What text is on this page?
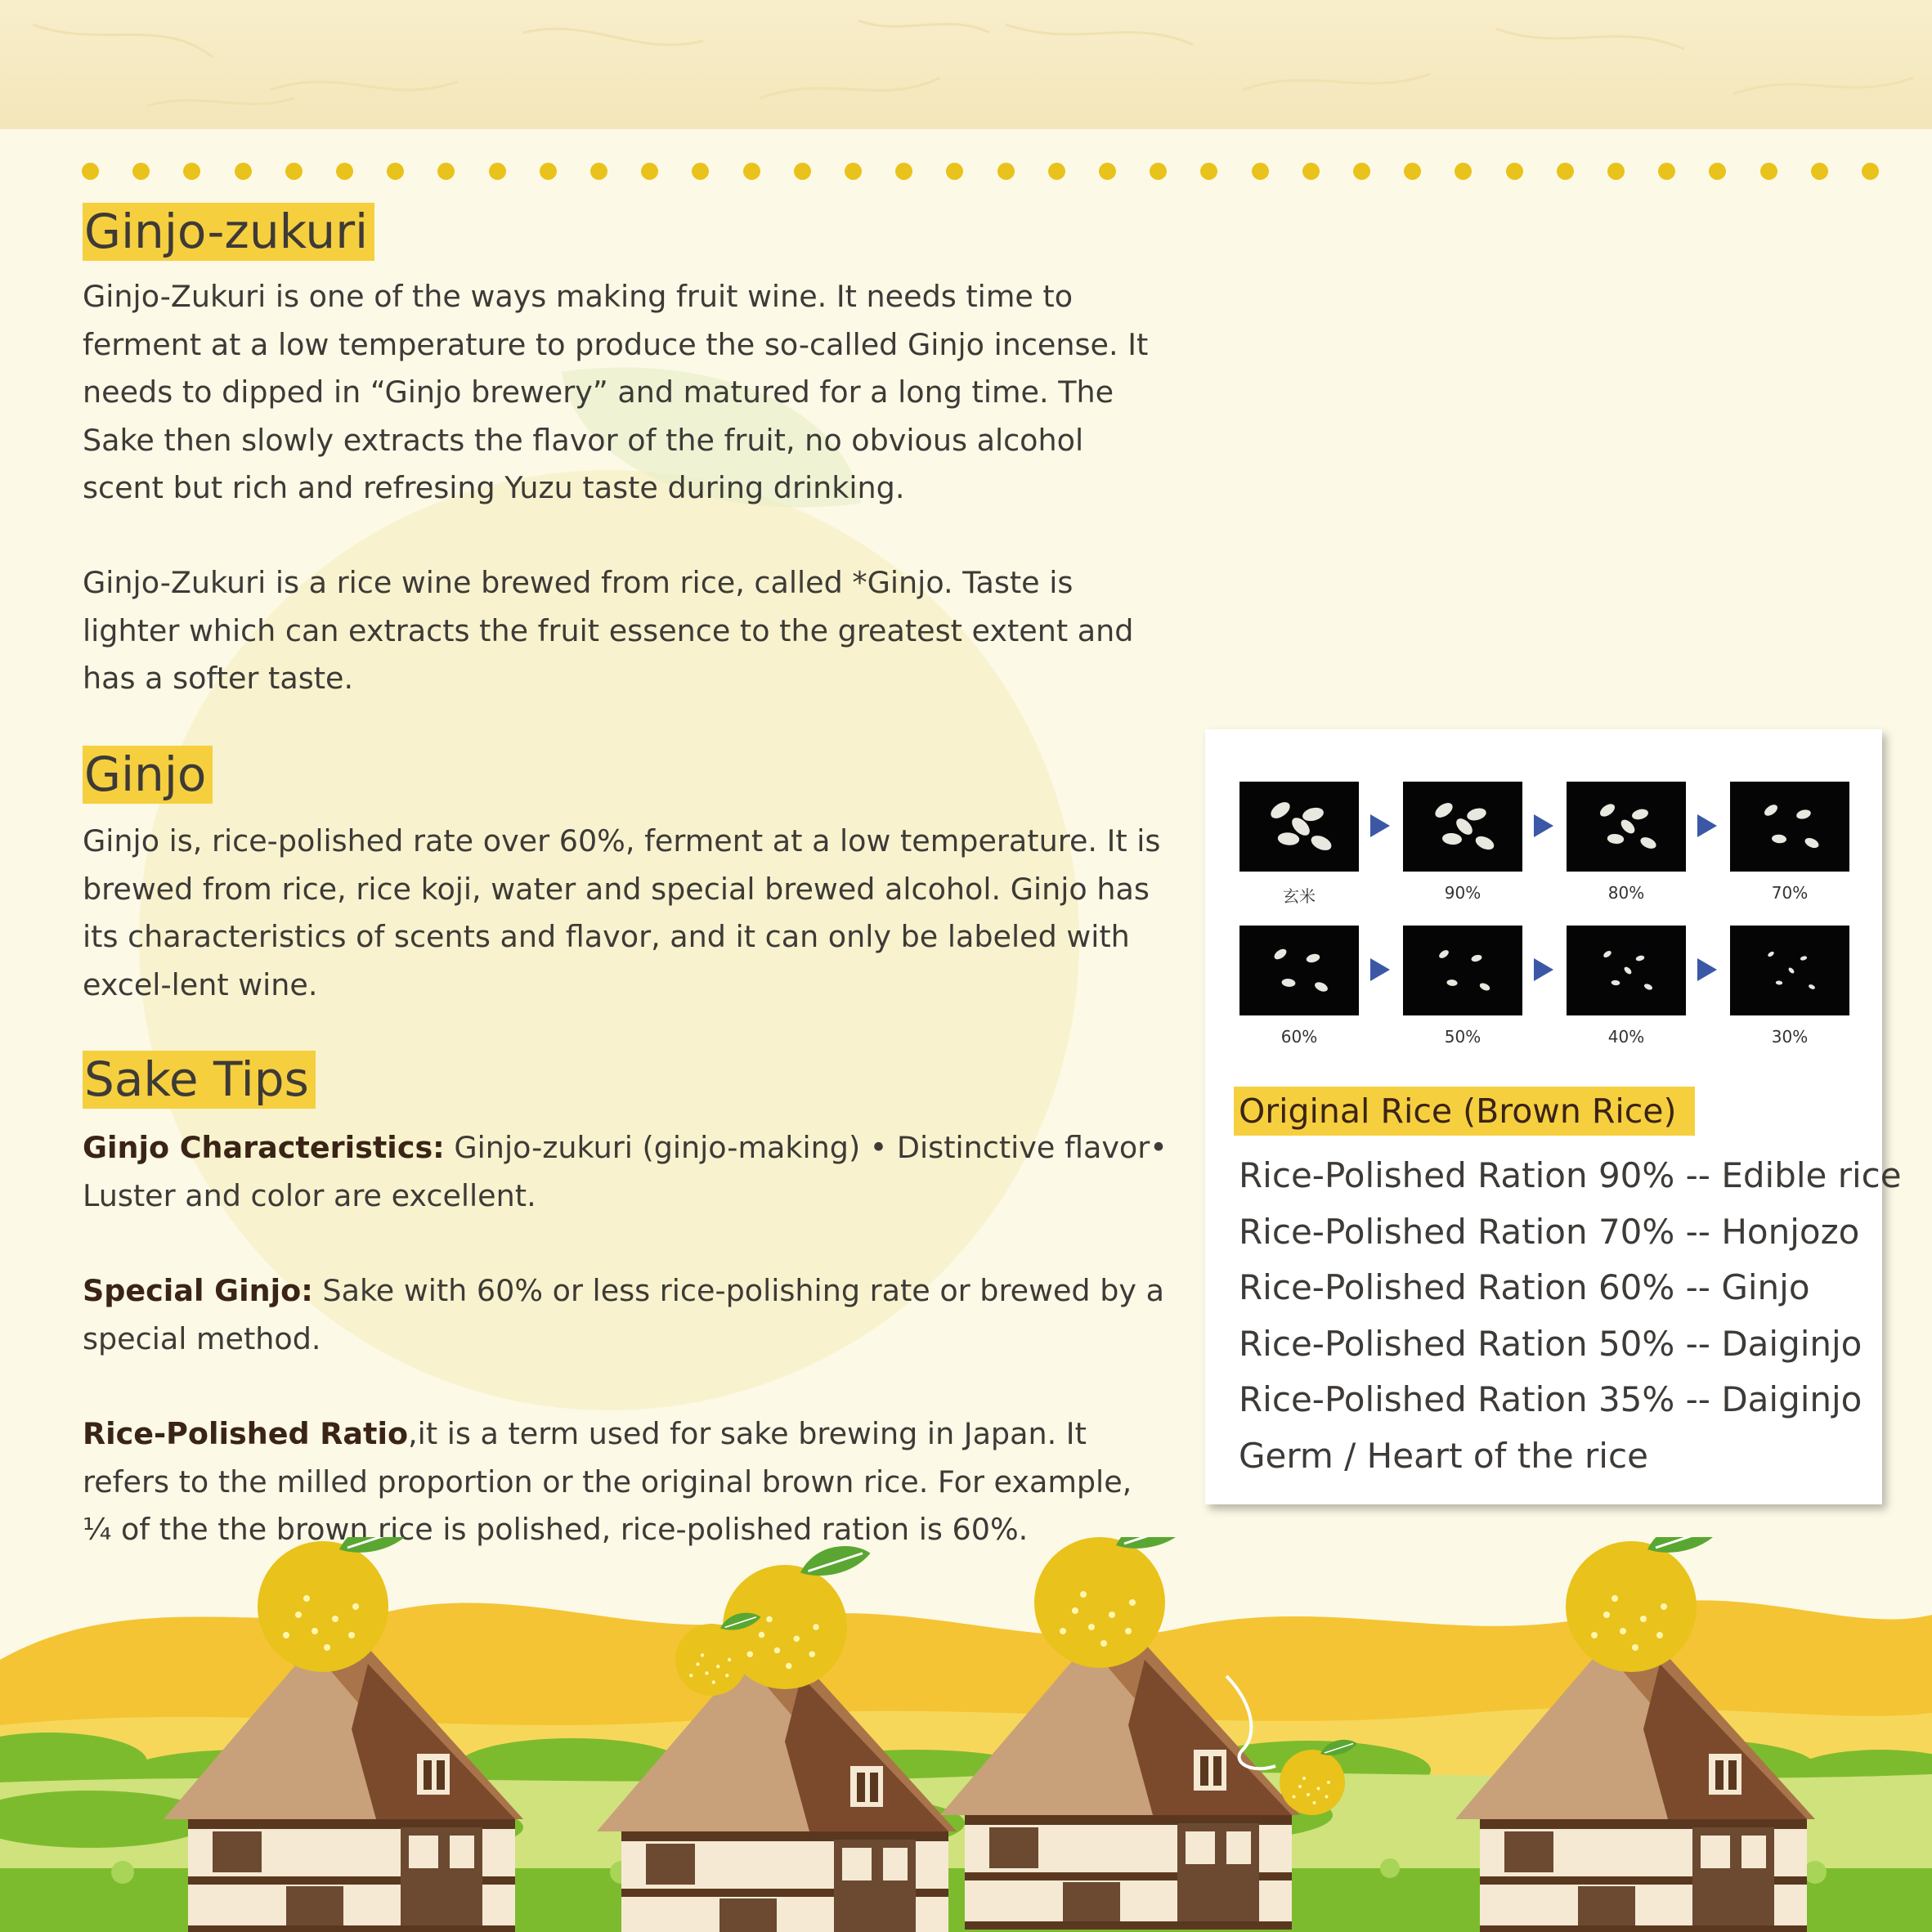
Ginjo-zukuri

Ginjo-Zukuri is one of the ways making fruit wine. It needs time to ferment at a low temperature to produce the so-called Ginjo incense. It needs to dipped in “Ginjo brewery” and matured for a long time. The Sake then slowly extracts the flavor of the fruit, no obvious alcohol scent but rich and refresing Yuzu taste during drinking.

Ginjo-Zukuri is a rice wine brewed from rice, called *Ginjo. Taste is lighter which can extracts the fruit essence to the greatest extent and has a softer taste.

Ginjo

Ginjo is, rice-polished rate over 60%, ferment at a low temperature. It is brewed from rice, rice koji, water and special brewed alcohol. Ginjo has its characteristics of scents and flavor, and it can only be labeled with excel-lent wine.

Sake Tips

Ginjo Characteristics: Ginjo-zukuri (ginjo-making) • Distinctive flavor• Luster and color are excellent.

Special Ginjo: Sake with 60% or less rice-polishing rate or brewed by a special method.

Rice-Polished Ratio,it is a term used for sake brewing in Japan. It refers to the milled proportion or the original brown rice. For example, ¼ of the the brown rice is polished, rice-polished ration is 60%.

Original Rice (Brown Rice)
Rice-Polished Ration 90% -- Edible rice
Rice-Polished Ration 70% -- Honjozo
Rice-Polished Ration 60% -- Ginjo
Rice-Polished Ration 50% -- Daiginjo
Rice-Polished Ration 35% -- Daiginjo
Germ / Heart of the rice
玄米	90%	80%	70%
60%	50%	40%	30%
